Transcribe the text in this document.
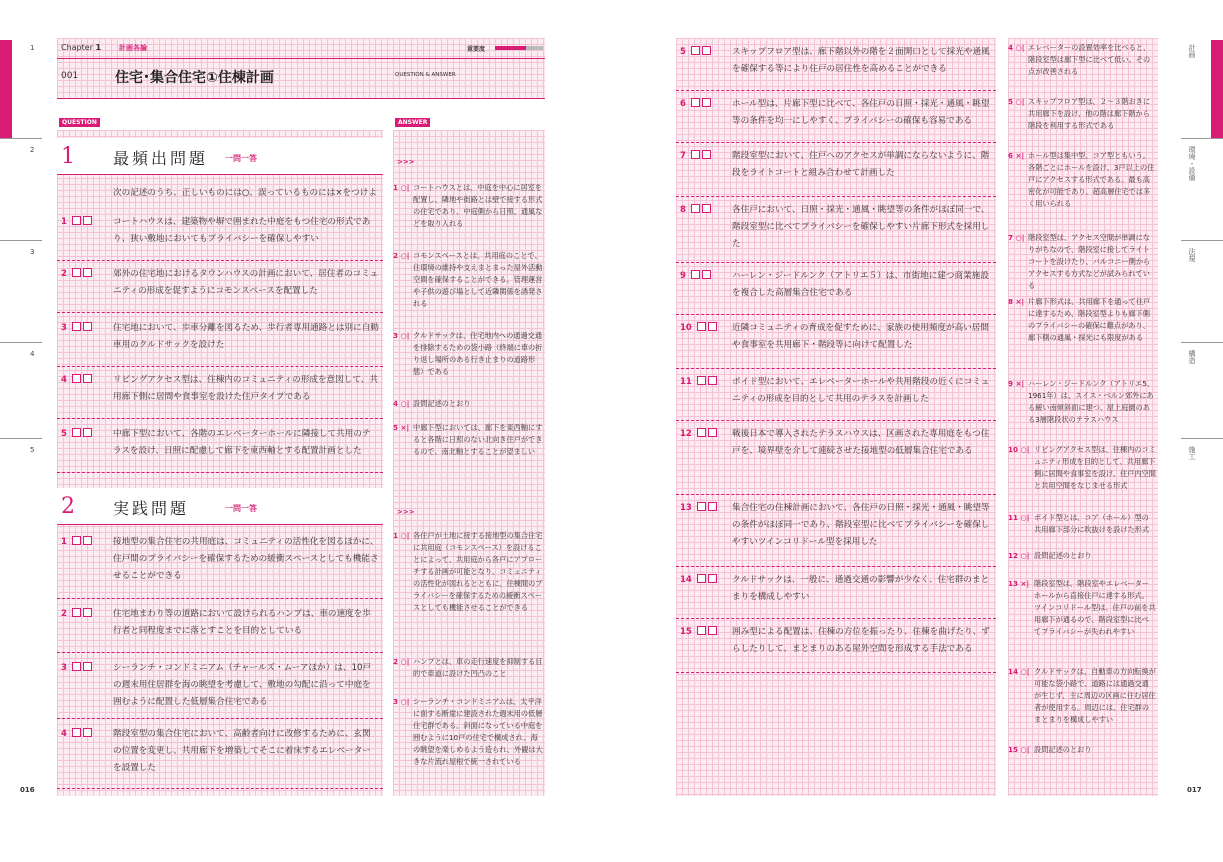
1
2
3
4
5
Chapter 1	計画各論	重要度
001	住宅･集合住宅①住棟計画	QUESTION & ANSWER
QUESTION	ANSWER
1 最頻出問題 一問一答
次の記述のうち、正しいものには○、誤っているものには×をつけよ
2 実践問題	一問一答
1	コートハウスは、建築物や塀で囲まれた中庭をもつ住宅の形式であり、狭い敷地においてもプライバシーを確保しやすい
2	郊外の住宅地におけるタウンハウスの計画において、居住者のコミュニティの形成を促すようにコモンスペースを配置した
3	住宅地において、歩車分離を図るため、歩行者専用通路とは別に自動車用のクルドサックを設けた
4	リビングアクセス型は、住棟内のコミュニティの形成を意図して、共用廊下側に居間や食事室を設けた住戸タイプである
5	中廊下型において、各階のエレベーターホールに隣接して共用のテラスを設け、日照に配慮して廊下を東西軸とする配置計画とした
1	接地型の集合住宅の共用庭は、コミュニティの活性化を図るほかに、住戸間のプライバシーを確保するための緩衝スペースとしても機能させることができる
2	住宅地まわり等の道路において設けられるハンプは、車の速度を歩行者と同程度までに落とすことを目的としている
3	シーランチ・コンドミニアム（チャールズ・ムーアほか）は、10戸の週末用住居群を海の眺望を考慮して、敷地の勾配に沿って中庭を囲むように配置した低層集合住宅である
4	階段室型の集合住宅において、高齢者向けに改修するために、玄関の位置を変更し、共用廊下を増築してそこに着床するエレベーターを設置した
>>>
>>>
1 ○| コートハウスとは、中庭を中心に居室を配置し、隣地や街路とは壁で接する形式の住宅であり、中庭側から日照、通風などを取り入れる
2 ○| コモンスペースとは、共用庭のことで、住環境の維持や支えまとまった屋外活動空間を確保することができる。管理運営や子供の遊び場として近隣関係を誘発される
3 ○| クルドサックは、住宅地内への通過交通を排除するための袋小路（終端に車の折り返し場所のある行き止まりの道路形態）である
4 ○| 設問記述のとおり
5 ×| 中廊下型においては、廊下を東西軸にすると各階に日照のない北向き住戸ができるので、南北軸とすることが望ましい
1 ○| 各住戸が土地に接する接地型の集合住宅に共用庭（コモンスペース）を設けることによって、共用庭から各戸にアプローチする計画が可能となり、コミュニティの活性化が図れるとともに、住棟間のプライバシーを確保するための緩衝スペースとしても機能させることができる
2 ○| ハンプとは、車の走行速度を抑制する目的で車道に設けた凹凸のこと
3 ○| シーランチ・コンドミニアムは、太平洋に面する断崖に建設された週末用の低層住宅群である。斜面になっている中庭を囲むように10戸の住宅で構成され、海の眺望を楽しめるよう造られ、外観は大きな片流れ屋根で統一されている
016
5	スキップフロア型は、廊下階以外の階を２面開口として採光や通風を確保する等により住戸の居住性を高めることができる
6	ホール型は、片廊下型に比べて、各住戸の日照・採光・通風・眺望等の条件を均一にしやすく、プライバシーの確保も容易である
7	階段室型において、住戸へのアクセスが単調にならないように、階段をライトコートと組み合わせて計画した
8	各住戸において、日照・採光・通風・眺望等の条件がほぼ同一で、階段室型に比べてプライバシーを確保しやすい片廊下形式を採用した
9	ハーレン・ジードルンク（アトリエ５）は、市街地に建つ商業施設を複合した高層集合住宅である
10	近隣コミュニティの育成を促すために、家族の使用頻度が高い居間や食事室を共用廊下・階段等に向けて配置した
11	ボイド型において、エレベーターホールや共用階段の近くにコミュニティの形成を目的として共用のテラスを計画した
12	戦後日本で導入されたテラスハウスは、区画された専用庭をもつ住戸を、境界壁を介して連続させた接地型の低層集合住宅である
13	集合住宅の住棟計画において、各住戸の日照・採光・通風・眺望等の条件がほぼ同一であり、階段室型に比べてプライバシーを確保しやすいツインコリドール型を採用した
14	クルドサックは、一般に、通過交通の影響が少なく、住宅群のまとまりを構成しやすい
15	囲み型による配置は、住棟の方位を振ったり、住棟を曲げたり、ずらしたりして、まとまりのある屋外空間を形成する手法である
4 ○| エレベーターの設置効率を比べると、階段室型は廊下型に比べて低い。その点が改善される
5 ○| スキップフロア型は、２～３階おきに共用廊下を設け、他の階は廊下階から階段を利用する形式である
6 ×| ホール型は集中型、コア型ともいう。各階ごとにホールを設け、3戸以上の住戸にアクセスする形式である。最も高密化が可能であり、超高層住宅では多く用いられる
7 ○| 階段室型は、アクセス空間が単調になりがちなので、階段室に接してライトコートを設けたり、バルコニー側からアクセスする方式などが試みられている
8 ×| 片廊下形式は、共用廊下を通って住戸に達するため、階段室型よりも廊下側のプライバシーの確保に難点があり、廊下側の通風・採光にも限度がある
9 ×| ハーレン・ジードルンク（アトリエ5、1961年）は、スイス・ベルン郊外にある緩い南傾斜面に建つ、屋上庭園のある3層階段状のテラスハウス
10 ○| リビングアクセス型は、住棟内のコミュニティ形成を目的として、共用廊下側に居間や食事室を設け、住戸内空間と共用空間をなじませる形式
11 ○| ボイド型とは、コア（ホール）型の共用廊下部分に吹抜けを設けた形式
12 ○| 設問記述のとおり
13 ×| 階段室型は、階段室やエレベーターホールから直接住戸に達する形式。ツインコリドール型は、住戸の前を共用廊下が通るので、階段室型に比べてプライバシーが失われやすい
14 ○| クルドサックは、自動車の方向転換が可能な袋小路で、道路には通過交通が生じず、主に周辺の区画に住む居住者が使用する。周辺には、住宅群のまとまりを構成しやすい
15 ○| 設問記述のとおり
計画
環境・設備
法規
構造
施工
017
